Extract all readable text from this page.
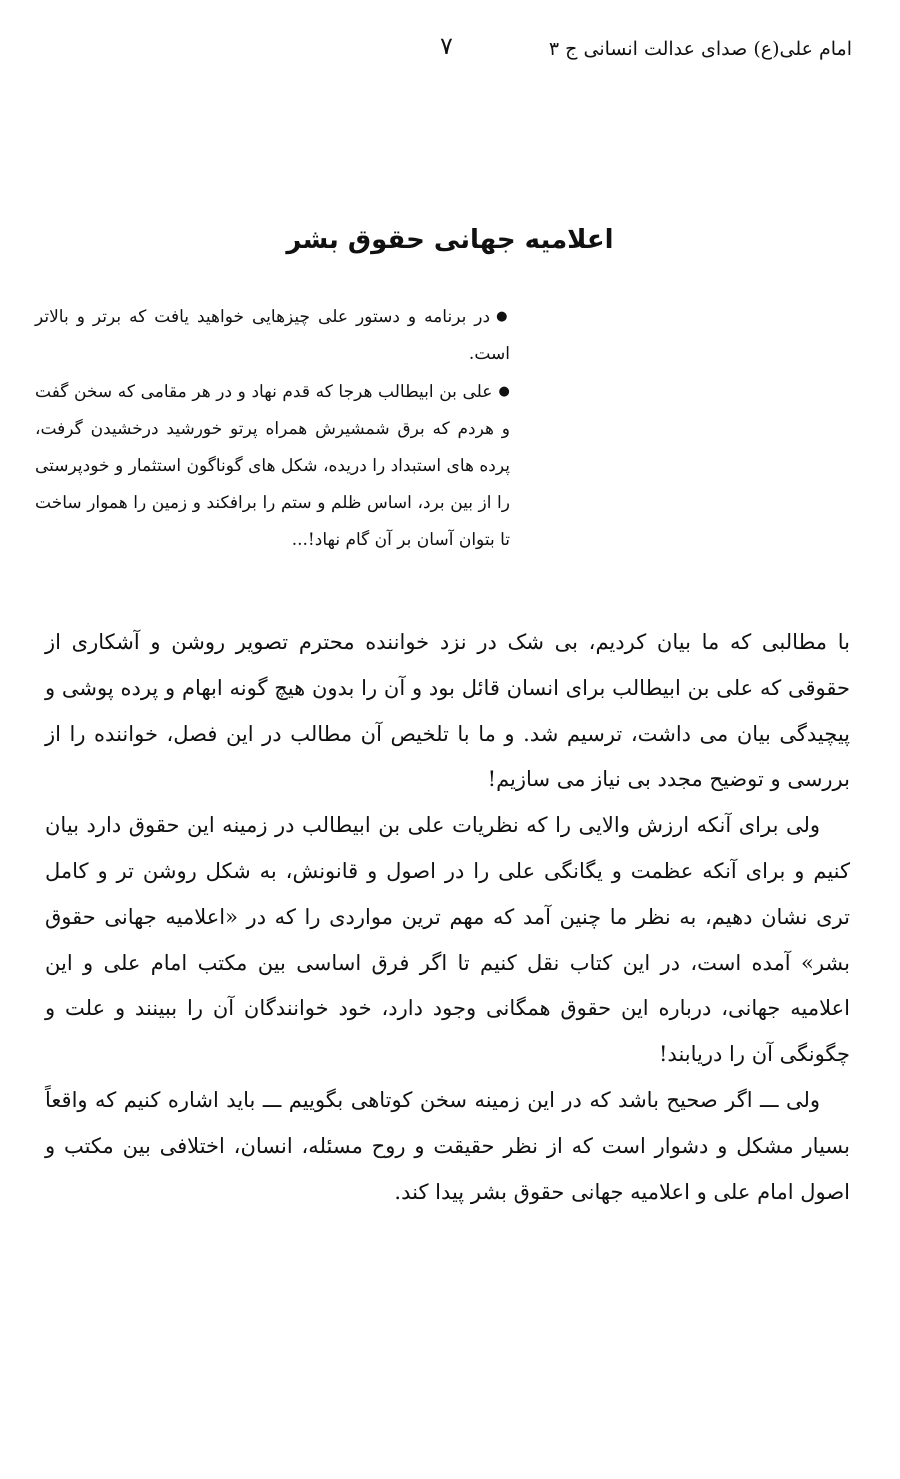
امام علی(ع) صدای عدالت انسانی ج ۳
۷
اعلامیه جهانی حقوق بشر

●در برنامه و دستور علی چیزهایی خواهید یافت که برتر و بالاتر است.

●علی بن ابیطالب هرجا که قدم نهاد و در هر مقامی که سخن گفت و هردم که برق شمشیرش همراه پرتو خورشید درخشیدن گرفت، پرده های استبداد را دریده، شکل های گوناگون استثمار و خودپرستی را از بین برد، اساس ظلم و ستم را برافکند و زمین را هموار ساخت تا بتوان آسان بر آن گام نهاد!...

با مطالبی که ما بیان کردیم، بی شک در نزد خواننده محترم تصویر روشن و آشکاری از حقوقی که علی بن ابیطالب برای انسان قائل بود و آن را بدون هیچ گونه ابهام و پرده پوشی و پیچیدگی بیان می داشت، ترسیم شد. و ما با تلخیص آن مطالب در این فصل، خواننده را از بررسی و توضیح مجدد بی نیاز می سازیم!

ولی برای آنکه ارزش والایی را که نظریات علی بن ابیطالب در زمینه این حقوق دارد بیان کنیم و برای آنکه عظمت و یگانگی علی را در اصول و قانونش، به شکل روشن تر و کامل تری نشان دهیم، به نظر ما چنین آمد که مهم ترین مواردی را که در «اعلامیه جهانی حقوق بشر» آمده است، در این کتاب نقل کنیم تا اگر فرق اساسی بین مکتب امام علی و این اعلامیه جهانی، درباره این حقوق همگانی وجود دارد، خود خوانندگان آن را ببینند و علت و چگونگی آن را دریابند!

ولی ـــ اگر صحیح باشد که در این زمینه سخن کوتاهی بگوییم ـــ باید اشاره کنیم که واقعاً بسیار مشکل و دشوار است که از نظر حقیقت و روح مسئله، انسان، اختلافی بین مکتب و اصول امام علی و اعلامیه جهانی حقوق بشر پیدا کند.
